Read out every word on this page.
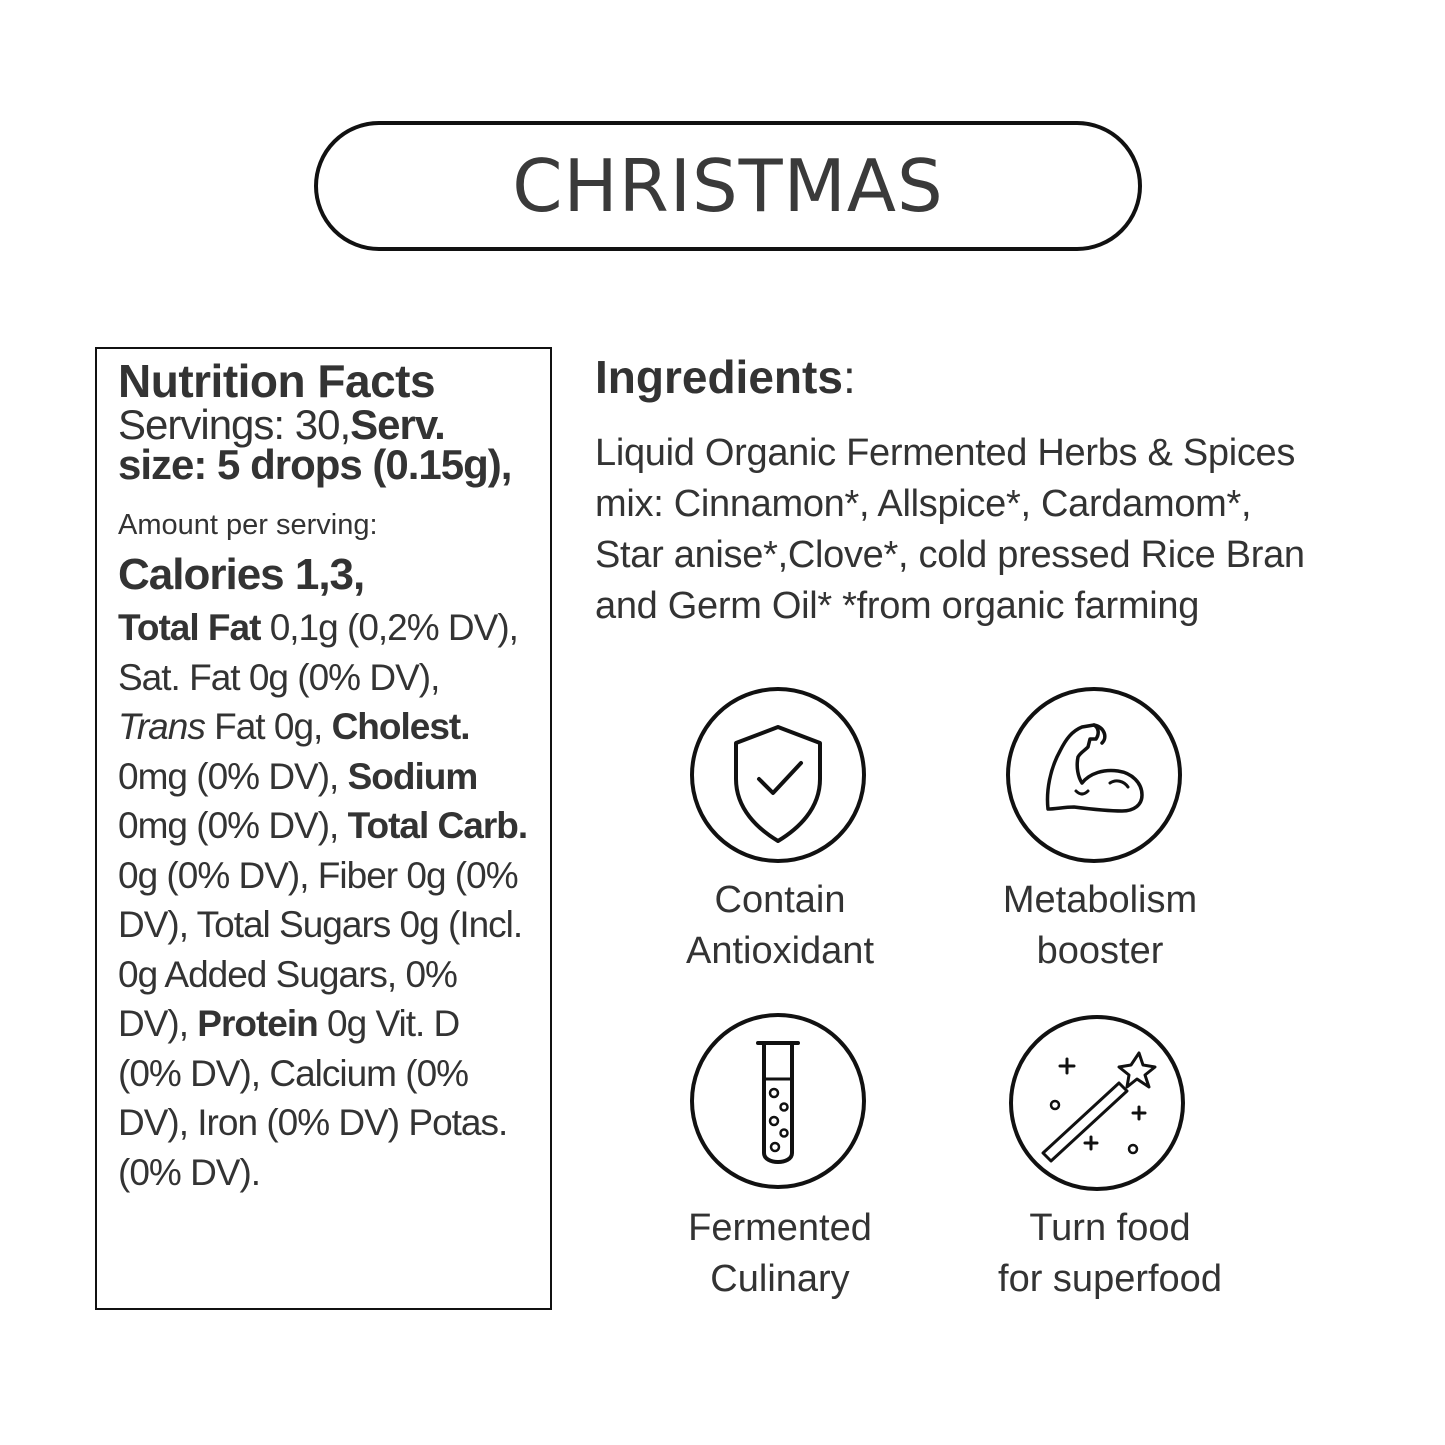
CHRISTMAS

Nutrition Facts

Servings: 30,Serv. size: 5 drops (0.15g),

Amount per serving:

Calories 1,3,

Total Fat 0,1g (0,2% DV), Sat. Fat 0g (0% DV), Trans Fat 0g, Cholest. 0mg (0% DV), Sodium 0mg (0% DV), Total Carb. 0g (0% DV), Fiber 0g (0% DV), Total Sugars 0g (Incl. 0g Added Sugars, 0% DV), Protein 0g Vit. D (0% DV), Calcium (0% DV), Iron (0% DV) Potas. (0% DV).

Ingredients:
Liquid Organic Fermented Herbs & Spices mix: Cinnamon*, Allspice*, Cardamom*, Star anise*,Clove*, cold pressed Rice Bran and Germ Oil* *from organic farming
Contain
Antioxidant
Metabolism
booster
Fermented
Culinary
Turn food
for superfood
